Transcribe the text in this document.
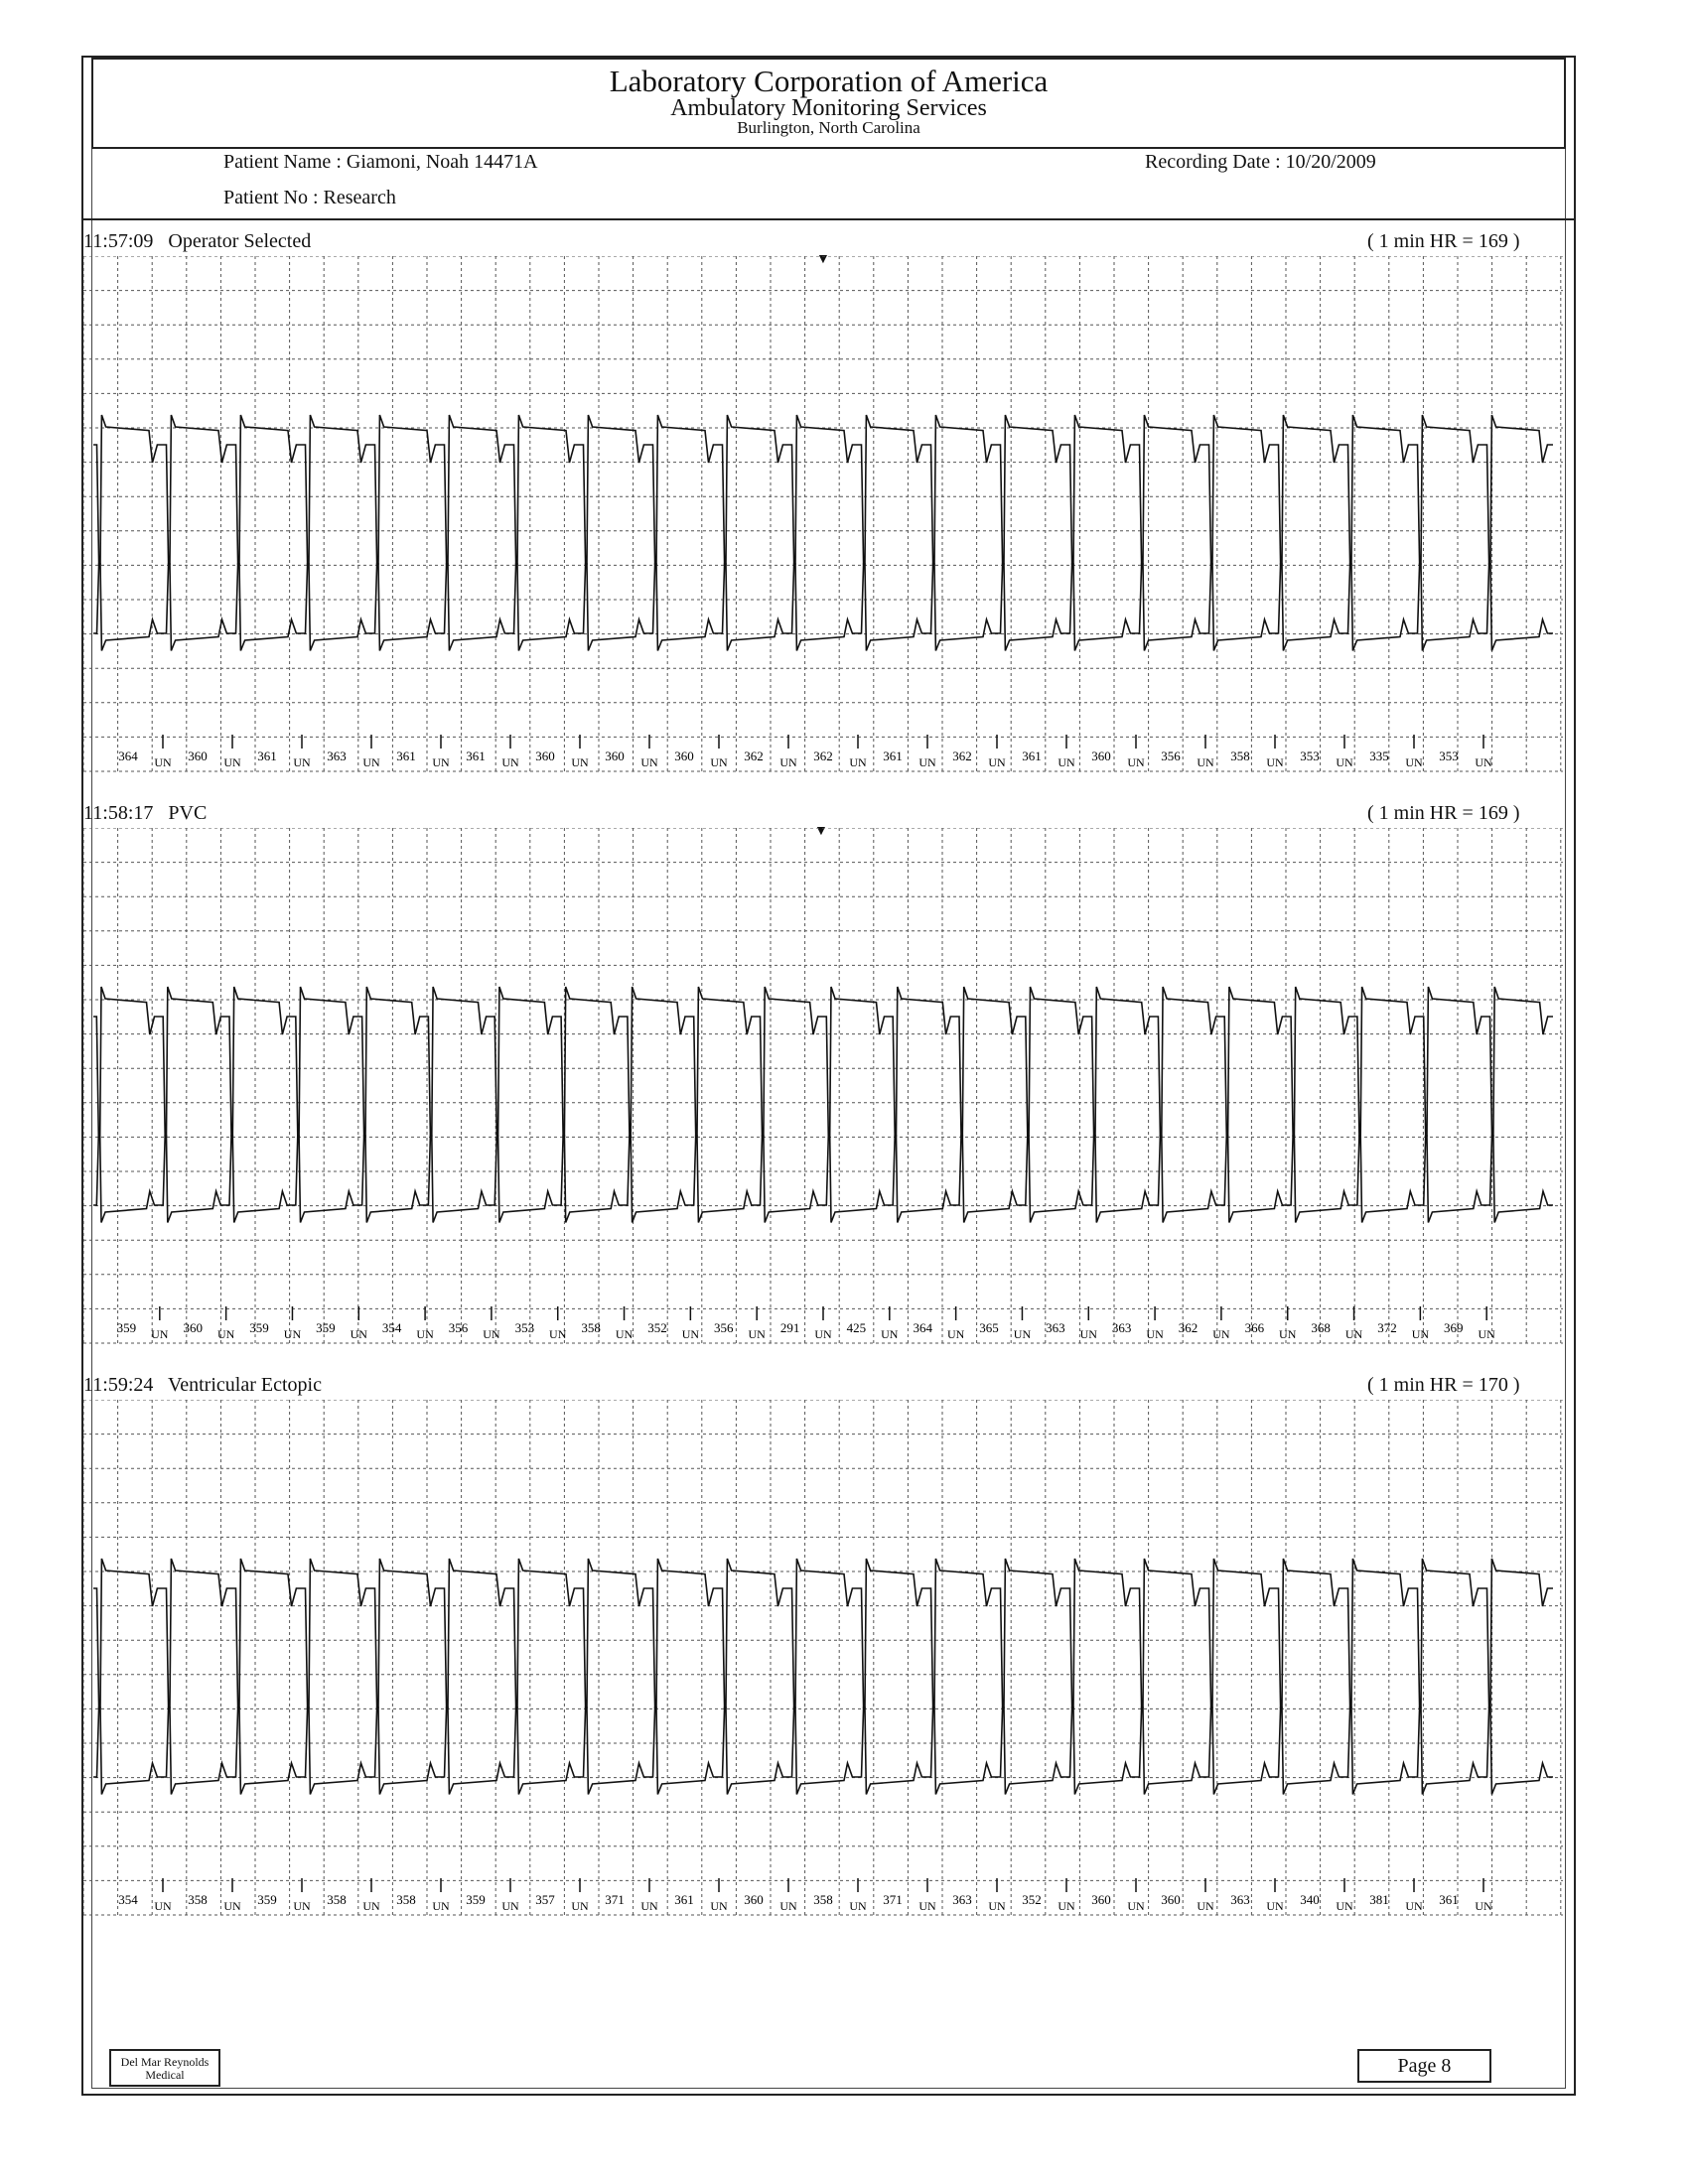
Laboratory Corporation of America
Ambulatory Monitoring Services
Burlington, North Carolina
Patient Name : Giamoni, Noah 14471A	Recording Date : 10/20/2009
Patient No : Research
11:57:09 Operator Selected	( 1 min HR = 169 )
▼
364 UN 360 UN 361 UN 363 UN 361 UN 361 UN 360 UN 360 UN 360 UN 362 UN 362 UN 361 UN 362 UN 361 UN 360 UN 356 UN 358 UN 353 UN 335 UN 353 UN
11:58:17 PVC	( 1 min HR = 169 )
▼
359 UN 360 UN 359 UN 359 UN 354 UN 356 UN 353 UN 358 UN 352 UN 356 UN 291 UN 425 UN 364 UN 365 UN 363 UN 363 UN 362 UN 366 UN 368 UN 372 UN 369 UN
11:59:24 Ventricular Ectopic	( 1 min HR = 170 )
354 UN 358 UN 359 UN 358 UN 358 UN 359 UN 357 UN 371 UN 361 UN 360 UN 358 UN 371 UN 363 UN 352 UN 360 UN 360 UN 363 UN 340 UN 381 UN 361 UN
Del Mar Reynolds
Medical	Page 8
